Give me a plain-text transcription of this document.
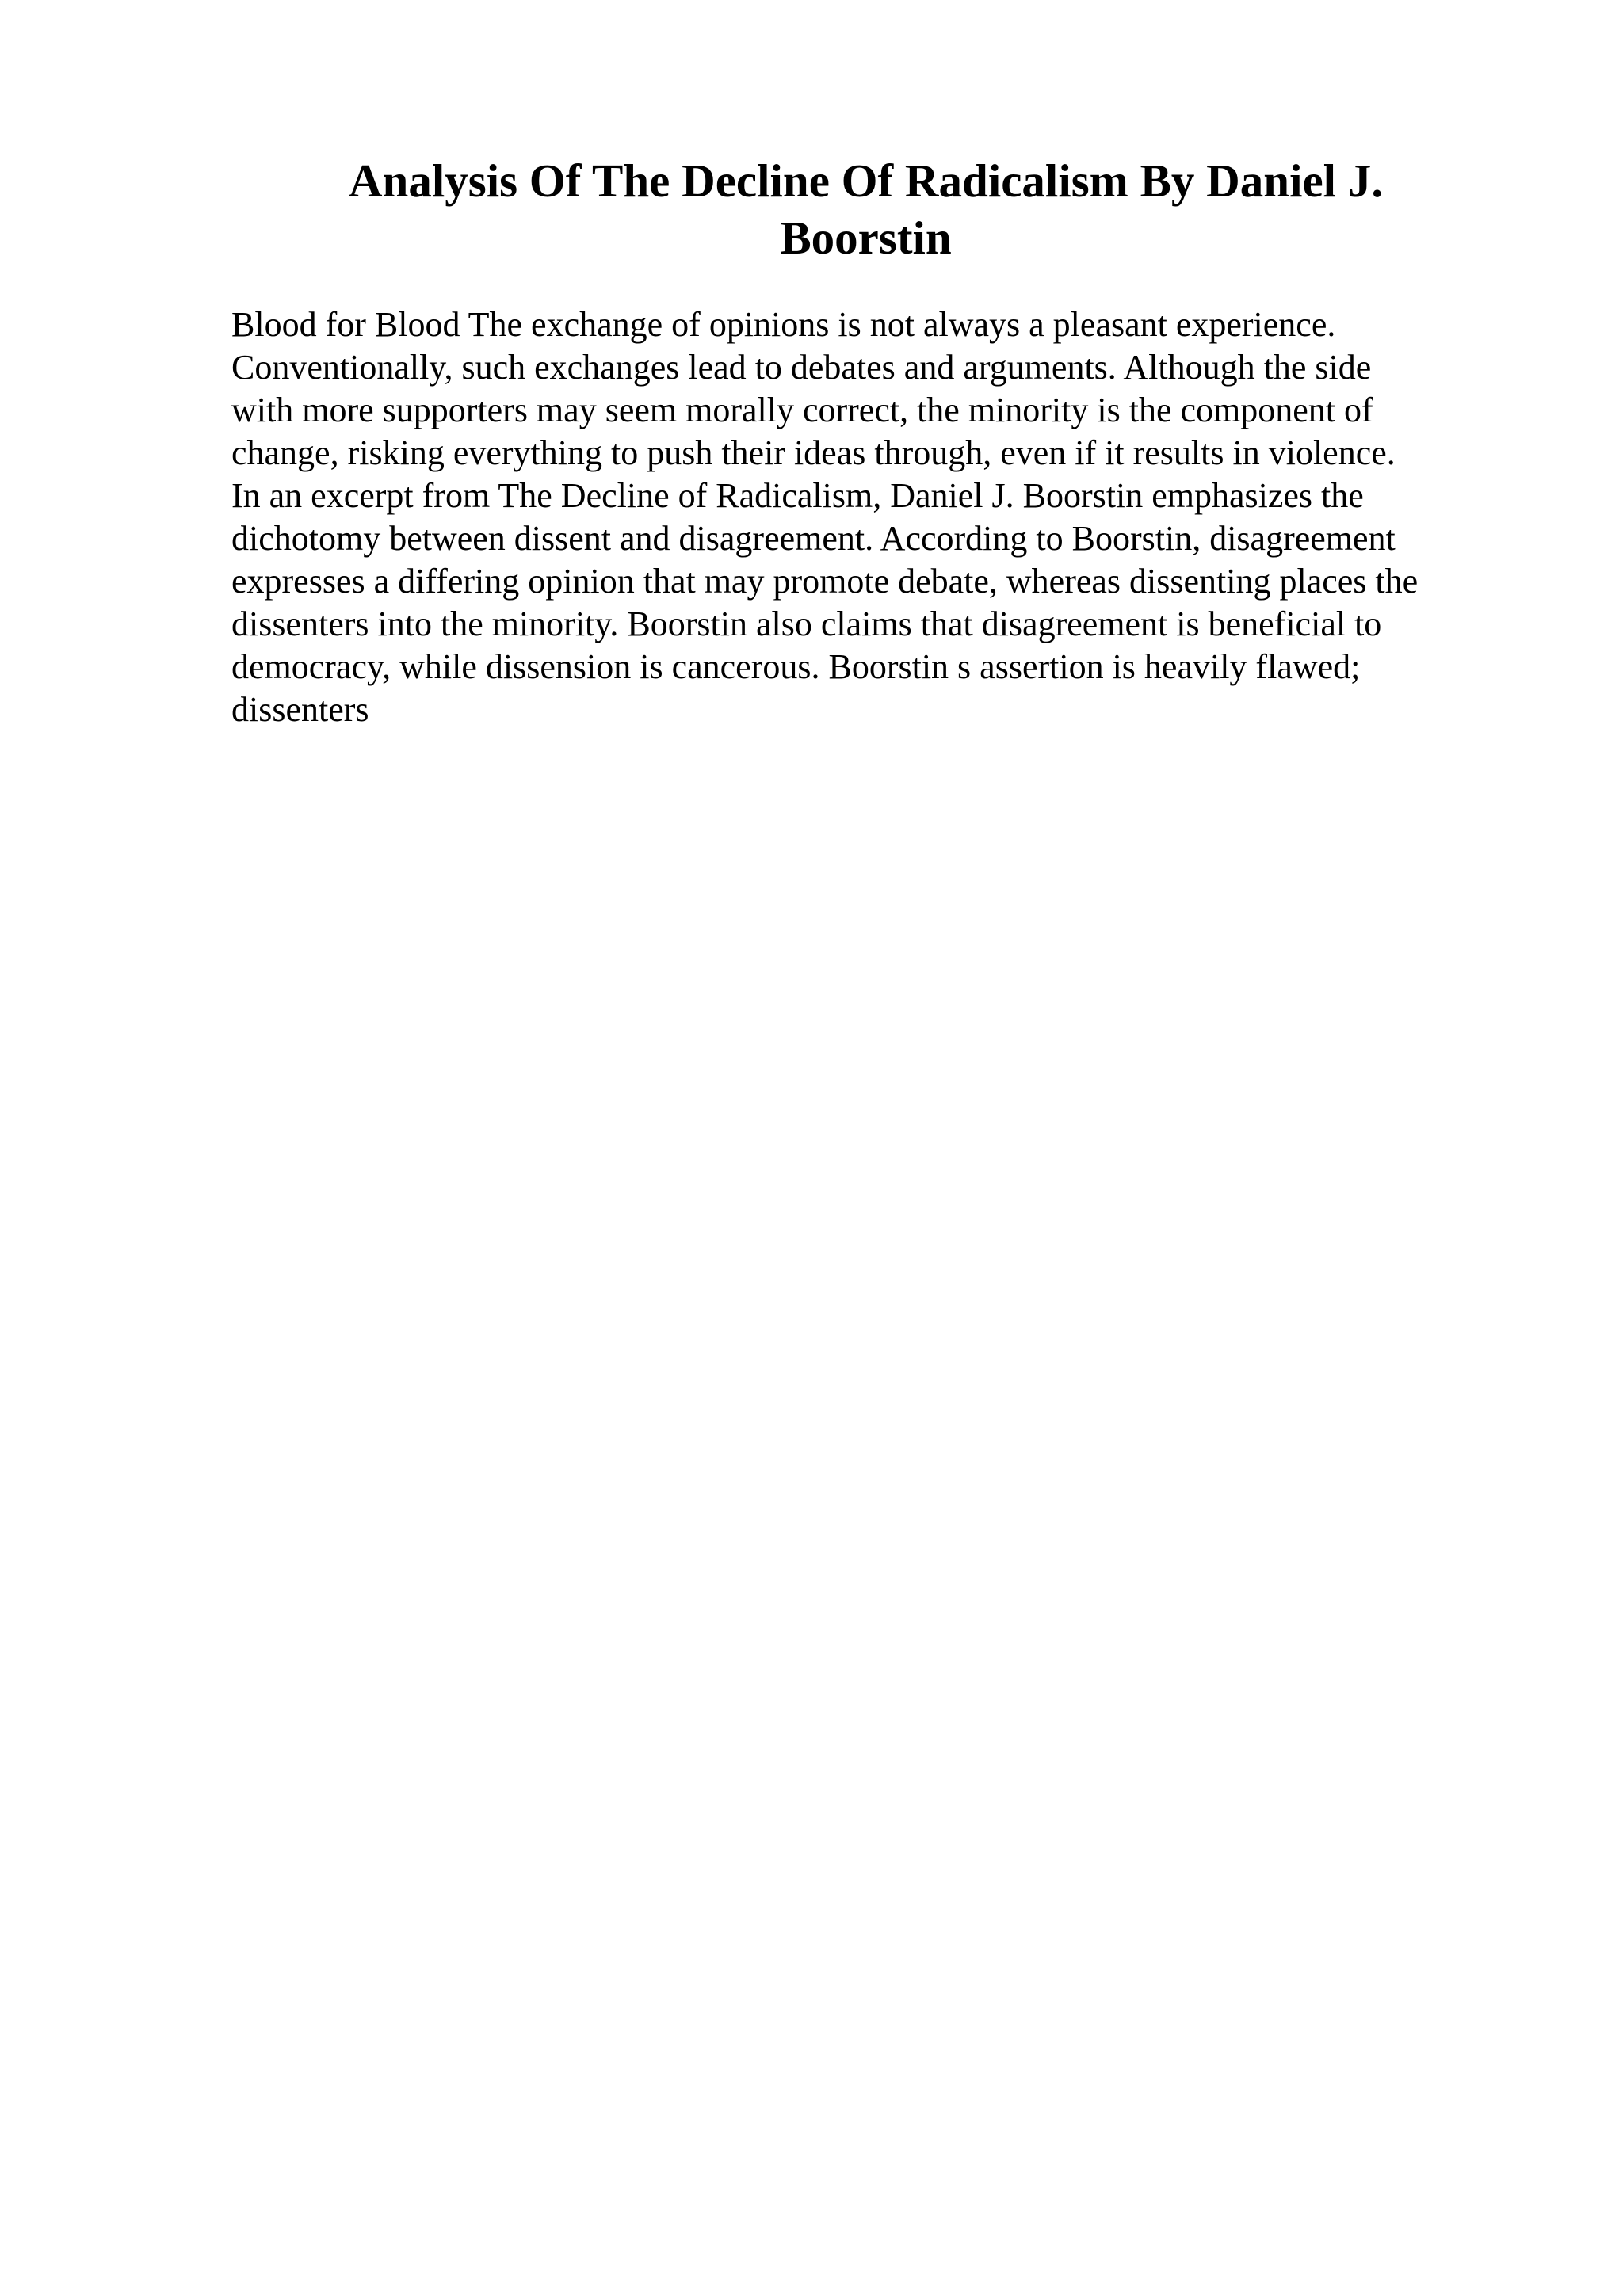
Analysis Of The Decline Of Radicalism By Daniel J.
Boorstin

Blood for Blood The exchange of opinions is not always a pleasant experience.
Conventionally, such exchanges lead to debates and arguments. Although the side
with more supporters may seem morally correct, the minority is the component of
change, risking everything to push their ideas through, even if it results in violence.
In an excerpt from The Decline of Radicalism, Daniel J. Boorstin emphasizes the
dichotomy between dissent and disagreement. According to Boorstin, disagreement
expresses a differing opinion that may promote debate, whereas dissenting places the
dissenters into the minority. Boorstin also claims that disagreement is beneficial to
democracy, while dissension is cancerous. Boorstin s assertion is heavily flawed;
dissenters
